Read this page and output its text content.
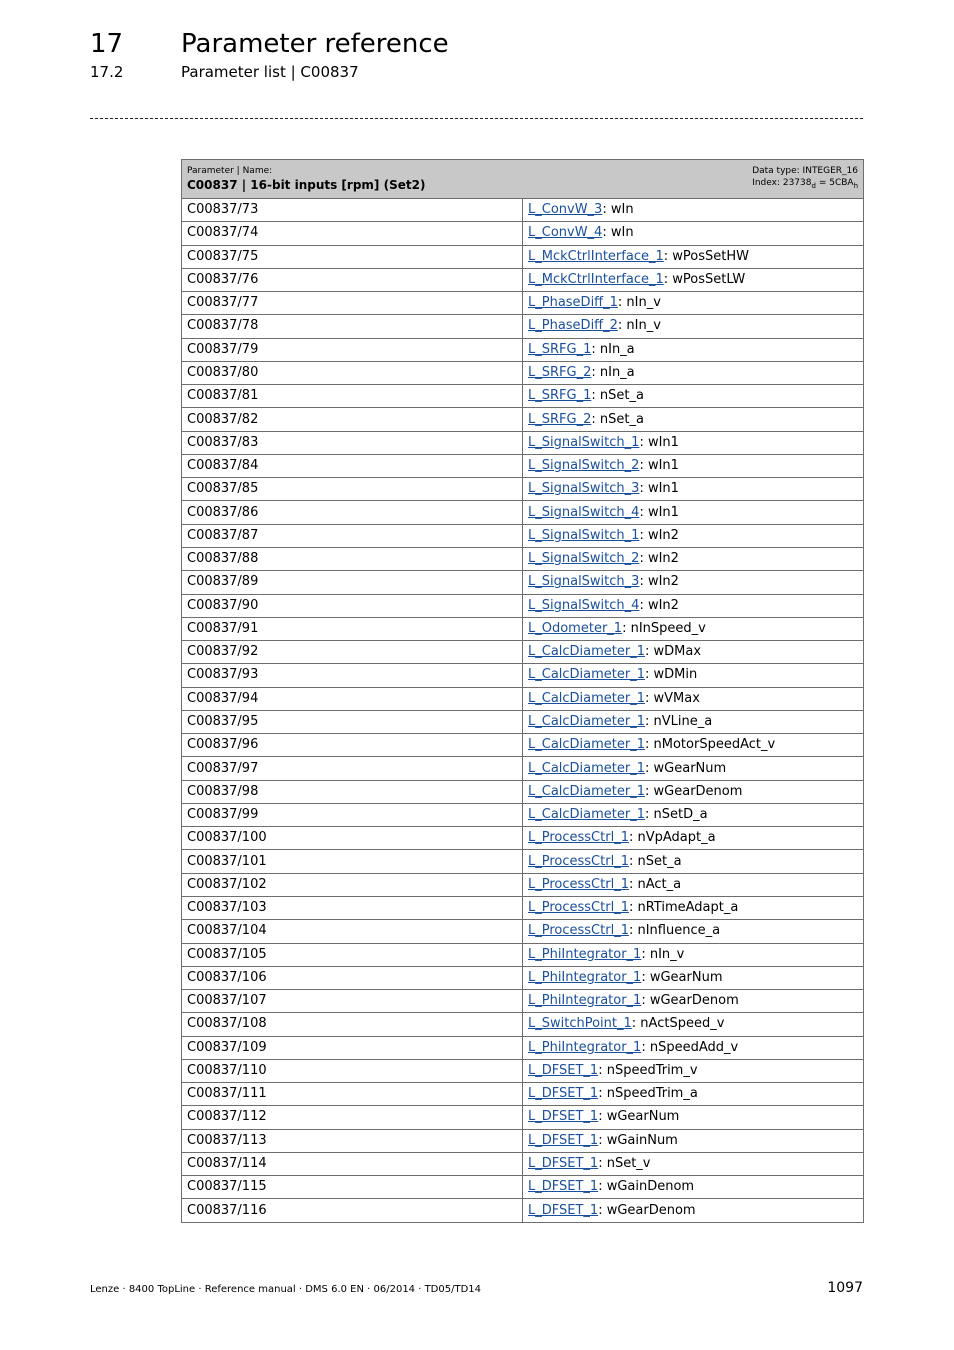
17 Parameter reference
17.2	Parameter list | C00837
Parameter | Name:
C00837 | 16-bit inputs [rpm] (Set2)
Data type: INTEGER_16
Index: $23738_d = 5CBA_h$

C00837/73	L_ConvW_3: wIn
C00837/74	L_ConvW_4: wIn
C00837/75	L_MckCtrlInterface_1: wPosSetHW
C00837/76	L_MckCtrlInterface_1: wPosSetLW
C00837/77	L_PhaseDiff_1: nIn_v
C00837/78	L_PhaseDiff_2: nIn_v
C00837/79	L_SRFG_1: nIn_a
C00837/80	L_SRFG_2: nIn_a
C00837/81	L_SRFG_1: nSet_a
C00837/82	L_SRFG_2: nSet_a
C00837/83	L_SignalSwitch_1: wIn1
C00837/84	L_SignalSwitch_2: wIn1
C00837/85	L_SignalSwitch_3: wIn1
C00837/86	L_SignalSwitch_4: wIn1
C00837/87	L_SignalSwitch_1: wIn2
C00837/88	L_SignalSwitch_2: wIn2
C00837/89	L_SignalSwitch_3: wIn2
C00837/90	L_SignalSwitch_4: wIn2
C00837/91	L_Odometer_1: nInSpeed_v
C00837/92	L_CalcDiameter_1: wDMax
C00837/93	L_CalcDiameter_1: wDMin
C00837/94	L_CalcDiameter_1: wVMax
C00837/95	L_CalcDiameter_1: nVLine_a
C00837/96	L_CalcDiameter_1: nMotorSpeedAct_v
C00837/97	L_CalcDiameter_1: wGearNum
C00837/98	L_CalcDiameter_1: wGearDenom
C00837/99	L_CalcDiameter_1: nSetD_a
C00837/100	L_ProcessCtrl_1: nVpAdapt_a
C00837/101	L_ProcessCtrl_1: nSet_a
C00837/102	L_ProcessCtrl_1: nAct_a
C00837/103	L_ProcessCtrl_1: nRTimeAdapt_a
C00837/104	L_ProcessCtrl_1: nInfluence_a
C00837/105	L_PhiIntegrator_1: nIn_v
C00837/106	L_PhiIntegrator_1: wGearNum
C00837/107	L_PhiIntegrator_1: wGearDenom
C00837/108	L_SwitchPoint_1: nActSpeed_v
C00837/109	L_PhiIntegrator_1: nSpeedAdd_v
C00837/110	L_DFSET_1: nSpeedTrim_v
C00837/111	L_DFSET_1: nSpeedTrim_a
C00837/112	L_DFSET_1: wGearNum
C00837/113	L_DFSET_1: wGainNum
C00837/114	L_DFSET_1: nSet_v
C00837/115	L_DFSET_1: wGainDenom
C00837/116	L_DFSET_1: wGearDenom
Lenze · 8400 TopLine · Reference manual · DMS 6.0 EN · 06/2014 · TD05/TD14	1097
